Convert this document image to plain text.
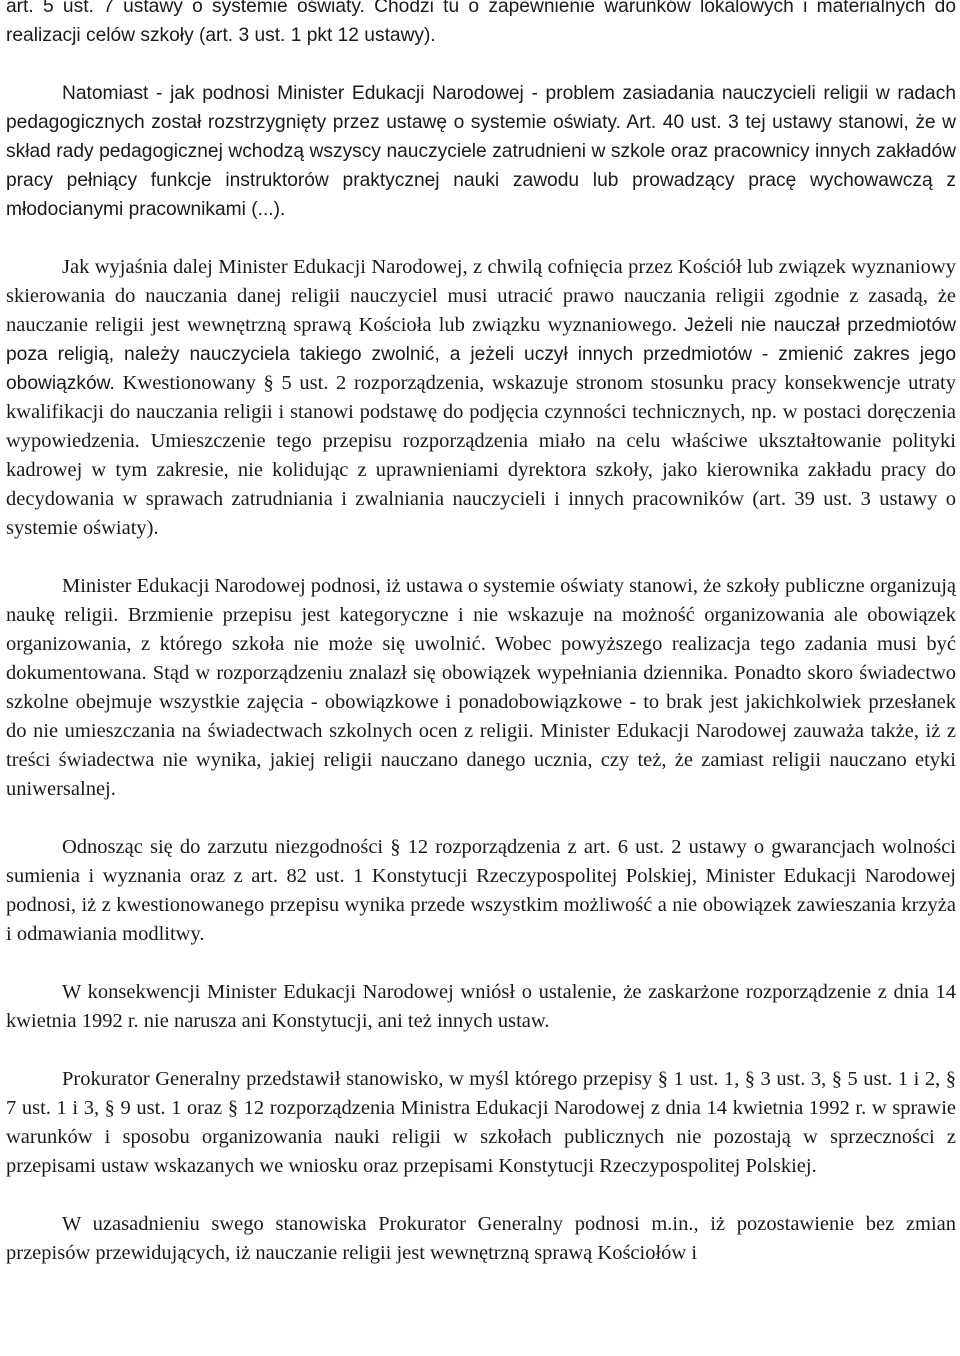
art. 5 ust. 7 ustawy o systemie oświaty. Chodzi tu o zapewnienie warunków lokalowych i materialnych do realizacji celów szkoły (art. 3 ust. 1 pkt 12 ustawy).

Natomiast - jak podnosi Minister Edukacji Narodowej - problem zasiadania nauczycieli religii w radach pedagogicznych został rozstrzygnięty przez ustawę o systemie oświaty. Art. 40 ust. 3 tej ustawy stanowi, że w skład rady pedagogicznej wchodzą wszyscy nauczyciele zatrudnieni w szkole oraz pracownicy innych zakładów pracy pełniący funkcje instruktorów praktycznej nauki zawodu lub prowadzący pracę wychowawczą z młodocianymi pracownikami (...).

Jak wyjaśnia dalej Minister Edukacji Narodowej, z chwilą cofnięcia przez Kościół lub związek wyznaniowy skierowania do nauczania danej religii nauczyciel musi utracić prawo nauczania religii zgodnie z zasadą, że nauczanie religii jest wewnętrzną sprawą Kościoła lub związku wyznaniowego. Jeżeli nie nauczał przedmiotów poza religią, należy nauczyciela takiego zwolnić, a jeżeli uczył innych przedmiotów - zmienić zakres jego obowiązków. Kwestionowany § 5 ust. 2 rozporządzenia, wskazuje stronom stosunku pracy konsekwencje utraty kwalifikacji do nauczania religii i stanowi podstawę do podjęcia czynności technicznych, np. w postaci doręczenia wypowiedzenia. Umieszczenie tego przepisu rozporządzenia miało na celu właściwe ukształtowanie polityki kadrowej w tym zakresie, nie kolidując z uprawnieniami dyrektora szkoły, jako kierownika zakładu pracy do decydowania w sprawach zatrudniania i zwalniania nauczycieli i innych pracowników (art. 39 ust. 3 ustawy o systemie oświaty).

Minister Edukacji Narodowej podnosi, iż ustawa o systemie oświaty stanowi, że szkoły publiczne organizują naukę religii. Brzmienie przepisu jest kategoryczne i nie wskazuje na możność organizowania ale obowiązek organizowania, z którego szkoła nie może się uwolnić. Wobec powyższego realizacja tego zadania musi być dokumentowana. Stąd w rozporządzeniu znalazł się obowiązek wypełniania dziennika. Ponadto skoro świadectwo szkolne obejmuje wszystkie zajęcia - obowiązkowe i ponadobowiązkowe - to brak jest jakichkolwiek przesłanek do nie umieszczania na świadectwach szkolnych ocen z religii. Minister Edukacji Narodowej zauważa także, iż z treści świadectwa nie wynika, jakiej religii nauczano danego ucznia, czy też, że zamiast religii nauczano etyki uniwersalnej.

Odnosząc się do zarzutu niezgodności § 12 rozporządzenia z art. 6 ust. 2 ustawy o gwarancjach wolności sumienia i wyznania oraz z art. 82 ust. 1 Konstytucji Rzeczypospolitej Polskiej, Minister Edukacji Narodowej podnosi, iż z kwestionowanego przepisu wynika przede wszystkim możliwość a nie obowiązek zawieszania krzyża i odmawiania modlitwy.

W konsekwencji Minister Edukacji Narodowej wniósł o ustalenie, że zaskarżone rozporządzenie z dnia 14 kwietnia 1992 r. nie narusza ani Konstytucji, ani też innych ustaw.

Prokurator Generalny przedstawił stanowisko, w myśl którego przepisy § 1 ust. 1, § 3 ust. 3, § 5 ust. 1 i 2, § 7 ust. 1 i 3, § 9 ust. 1 oraz § 12 rozporządzenia Ministra Edukacji Narodowej z dnia 14 kwietnia 1992 r. w sprawie warunków i sposobu organizowania nauki religii w szkołach publicznych nie pozostają w sprzeczności z przepisami ustaw wskazanych we wniosku oraz przepisami Konstytucji Rzeczypospolitej Polskiej.

W uzasadnieniu swego stanowiska Prokurator Generalny podnosi m.in., iż pozostawienie bez zmian przepisów przewidujących, iż nauczanie religii jest wewnętrzną sprawą Kościołów i
